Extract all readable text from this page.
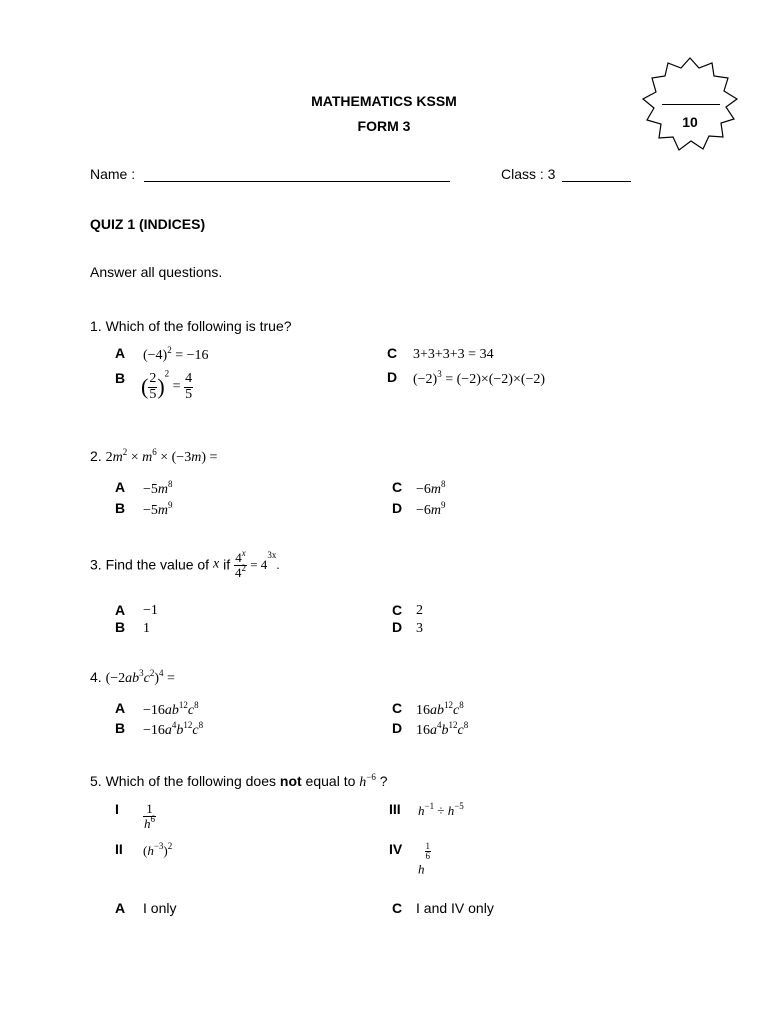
10
MATHEMATICS KSSM
FORM 3
Name :	Class : 3
QUIZ 1 (INDICES)
Answer all questions.
1. Which of the following is true?
A $(-4)^2 = -16$
B ( $\frac{2}{5} )^2 = \frac{4}{5}$
C 3+3+3+3 = 34
D $(-2)^3 = (-2)\times(-2)\times(-2)$
2. $2m^2 \times m^6 \times (-3m)$ =
$A -5m^8$
$B -5m^9$
$C -6m^8$
$D -6m^9$
3. Find the value of x if $\frac{4^x}{4^2} = 4^{3x}$.
A −1
B 1
C 2
D 3
4. $(-2ab^3c^2)^4$ =
$A -16ab^{12}c^8$
$B -16a^4b^{12}c^8$
C $16ab^{12}c^8$
D $16a^4b^{12}c^8$
5. Which of the following does not equal to $h^{-6}$ ?
I $\frac{1}{h^6}$
II $(h^{-3})^2$
III $h^{-1} \div h^{-5}$
IV
h
$\frac{1}{6}$
A I only	C I and IV only
